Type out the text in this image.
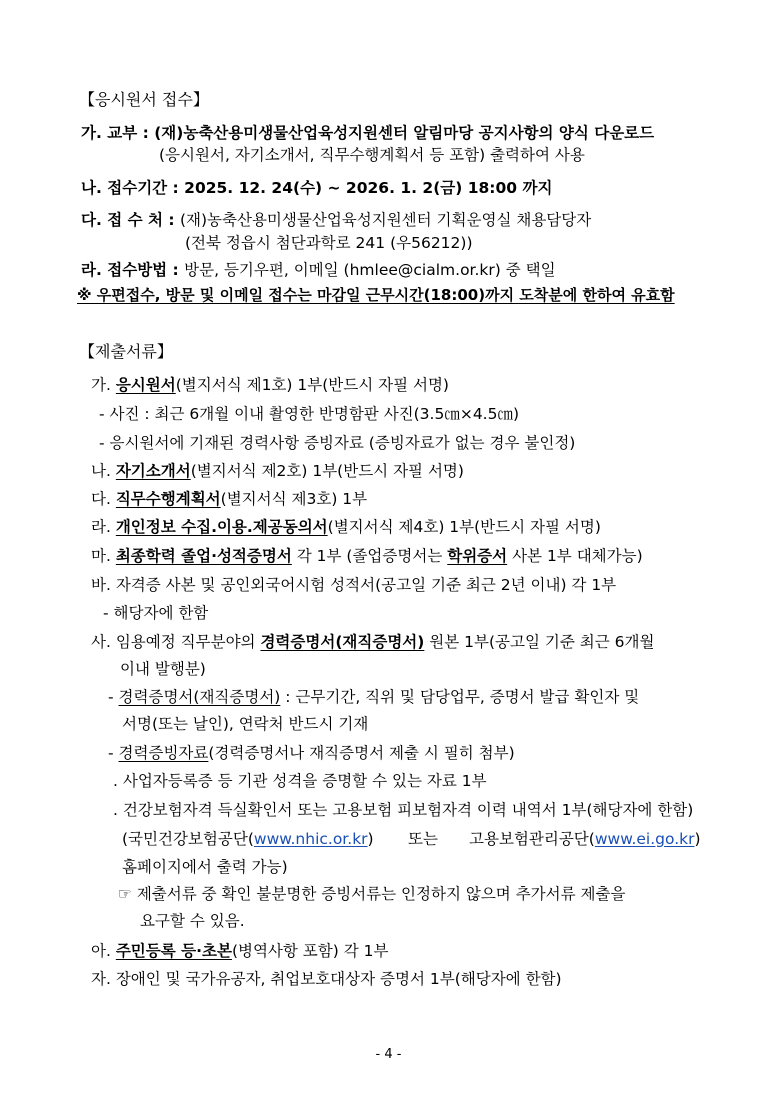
【응시원서 접수】
가. 교부 : (재)농축산용미생물산업육성지원센터 알림마당 공지사항의 양식 다운로드
(응시원서, 자기소개서, 직무수행계획서 등 포함) 출력하여 사용
나. 접수기간 : 2025. 12. 24(수) ~ 2026. 1. 2(금) 18:00 까지
다. 접 수 처 : (재)농축산용미생물산업육성지원센터 기획운영실 채용담당자
(전북 정읍시 첨단과학로 241 (우56212))
라. 접수방법 : 방문, 등기우편, 이메일 (hmlee@cialm.or.kr) 중 택일
※ 우편접수, 방문 및 이메일 접수는 마감일 근무시간(18:00)까지 도착분에 한하여 유효함
【제출서류】
가. 응시원서(별지서식 제1호) 1부(반드시 자필 서명)
- 사진 : 최근 6개월 이내 촬영한 반명함판 사진(3.5㎝×4.5㎝)
- 응시원서에 기재된 경력사항 증빙자료 (증빙자료가 없는 경우 불인정)
나. 자기소개서(별지서식 제2호) 1부(반드시 자필 서명)
다. 직무수행계획서(별지서식 제3호) 1부
라. 개인정보 수집.이용.제공동의서(별지서식 제4호) 1부(반드시 자필 서명)
마. 최종학력 졸업·성적증명서 각 1부 (졸업증명서는 학위증서 사본 1부 대체가능)
바. 자격증 사본 및 공인외국어시험 성적서(공고일 기준 최근 2년 이내) 각 1부
- 해당자에 한함
사. 임용예정 직무분야의 경력증명서(재직증명서) 원본 1부(공고일 기준 최근 6개월
이내 발행분)
- 경력증명서(재직증명서) : 근무기간, 직위 및 담당업무, 증명서 발급 확인자 및
서명(또는 날인), 연락처 반드시 기재
- 경력증빙자료(경력증명서나 재직증명서 제출 시 필히 첨부)
. 사업자등록증 등 기관 성격을 증명할 수 있는 자료 1부
. 건강보험자격 득실확인서 또는 고용보험 피보험자격 이력 내역서 1부(해당자에 한함)
(국민건강보험공단(www.nhic.or.kr) 또는 고용보험관리공단(www.ei.go.kr)
홈페이지에서 출력 가능)
☞ 제출서류 중 확인 불분명한 증빙서류는 인정하지 않으며 추가서류 제출을
요구할 수 있음.
아. 주민등록 등·초본(병역사항 포함) 각 1부
자. 장애인 및 국가유공자, 취업보호대상자 증명서 1부(해당자에 한함)
- 4 -
